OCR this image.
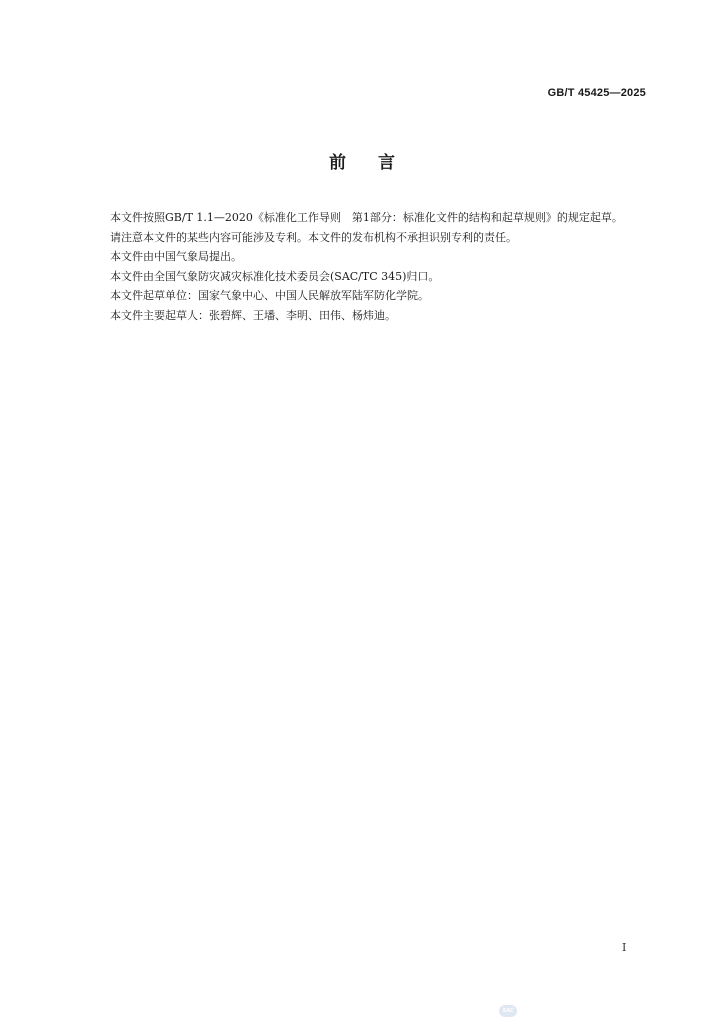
GB/T 45425—2025
前言

本文件按照GB/T 1.1—2020《标准化工作导则　第1部分：标准化文件的结构和起草规则》的规定起草。

请注意本文件的某些内容可能涉及专利。本文件的发布机构不承担识别专利的责任。

本文件由中国气象局提出。

本文件由全国气象防灾减灾标准化技术委员会(SAC/TC 345)归口。

本文件起草单位：国家气象中心、中国人民解放军陆军防化学院。

本文件主要起草人：张碧辉、王墦、李明、田伟、杨炜迪。

I
SAC
